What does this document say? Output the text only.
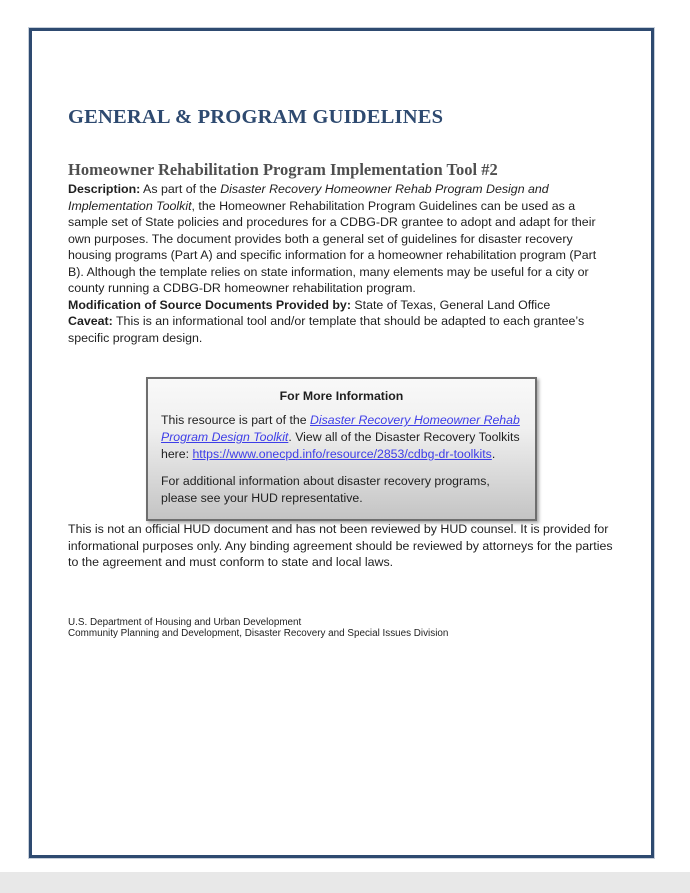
GENERAL & PROGRAM GUIDELINES
Homeowner Rehabilitation Program Implementation Tool #2

Description: As part of the Disaster Recovery Homeowner Rehab Program Design and Implementation Toolkit, the Homeowner Rehabilitation Program Guidelines can be used as a sample set of State policies and procedures for a CDBG-DR grantee to adopt and adapt for their own purposes. The document provides both a general set of guidelines for disaster recovery housing programs (Part A) and specific information for a homeowner rehabilitation program (Part B). Although the template relies on state information, many elements may be useful for a city or county running a CDBG-DR homeowner rehabilitation program.

Modification of Source Documents Provided by: State of Texas, General Land Office

Caveat: This is an informational tool and/or template that should be adapted to each grantee’s specific program design.

For More Information

This resource is part of the Disaster Recovery Homeowner Rehab Program Design Toolkit. View all of the Disaster Recovery Toolkits here: https://www.onecpd.info/resource/2853/cdbg-dr-toolkits.

For additional information about disaster recovery programs, please see your HUD representative.

This is not an official HUD document and has not been reviewed by HUD counsel. It is provided for informational purposes only. Any binding agreement should be reviewed by attorneys for the parties to the agreement and must conform to state and local laws.

U.S. Department of Housing and Urban Development
Community Planning and Development, Disaster Recovery and Special Issues Division
